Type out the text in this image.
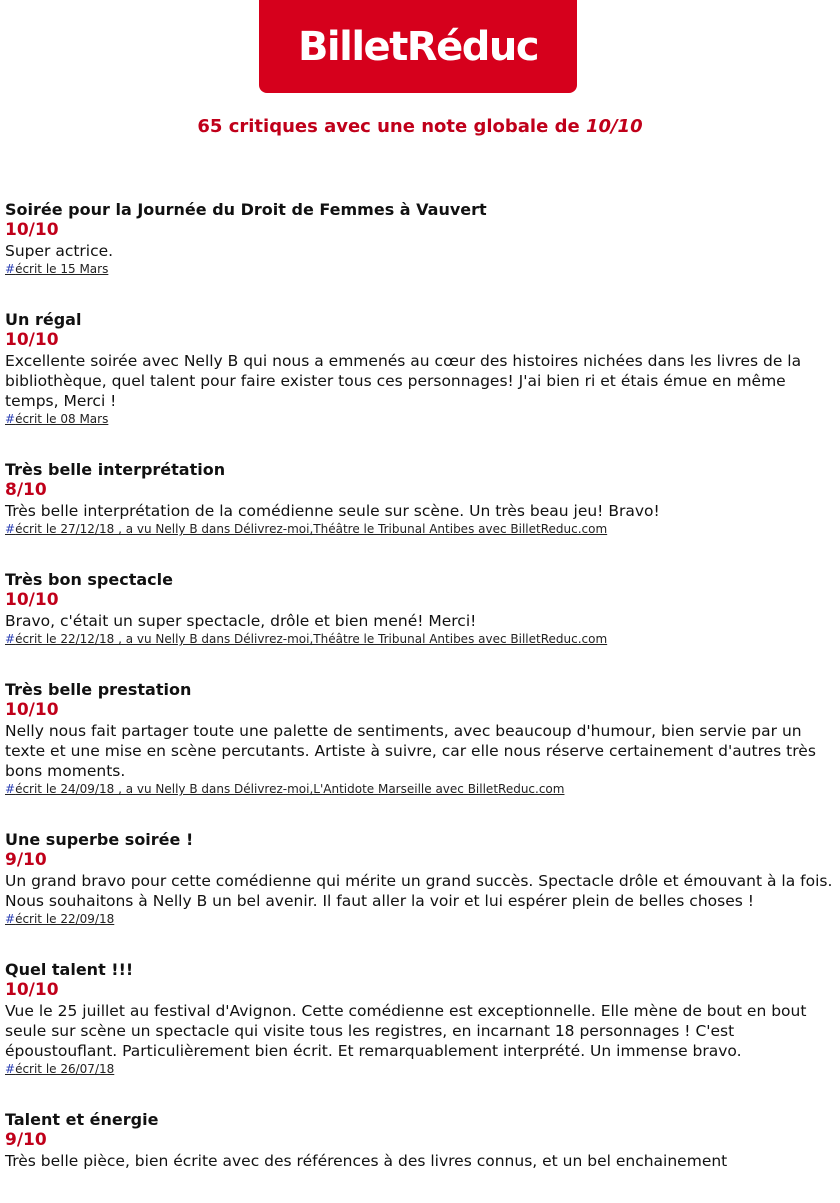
BilletRéduc
65 critiques avec une note globale de 10/10
Soirée pour la Journée du Droit de Femmes à Vauvert
10/10
Super actrice.
#écrit le 15 Mars
Un régal
10/10
Excellente soirée avec Nelly B qui nous a emmenés au cœur des histoires nichées dans les livres de la bibliothèque, quel talent pour faire exister tous ces personnages! J'ai bien ri et étais émue en même temps, Merci !
#écrit le 08 Mars
Très belle interprétation
8/10
Très belle interprétation de la comédienne seule sur scène. Un très beau jeu! Bravo!
#écrit le 27/12/18 , a vu Nelly B dans Délivrez-moi,Théâtre le Tribunal Antibes avec BilletReduc.com
Très bon spectacle
10/10
Bravo, c'était un super spectacle, drôle et bien mené! Merci!
#écrit le 22/12/18 , a vu Nelly B dans Délivrez-moi,Théâtre le Tribunal Antibes avec BilletReduc.com
Très belle prestation
10/10
Nelly nous fait partager toute une palette de sentiments, avec beaucoup d'humour, bien servie par un texte et une mise en scène percutants. Artiste à suivre, car elle nous réserve certainement d'autres très bons moments.
#écrit le 24/09/18 , a vu Nelly B dans Délivrez-moi,L'Antidote Marseille avec BilletReduc.com
Une superbe soirée !
9/10
Un grand bravo pour cette comédienne qui mérite un grand succès. Spectacle drôle et émouvant à la fois. Nous souhaitons à Nelly B un bel avenir. Il faut aller la voir et lui espérer plein de belles choses !
#écrit le 22/09/18
Quel talent !!!
10/10
Vue le 25 juillet au festival d'Avignon. Cette comédienne est exceptionnelle. Elle mène de bout en bout seule sur scène un spectacle qui visite tous les registres, en incarnant 18 personnages ! C'est époustouflant. Particulièrement bien écrit. Et remarquablement interprété. Un immense bravo.
#écrit le 26/07/18
Talent et énergie
9/10
Très belle pièce, bien écrite avec des références à des livres connus, et un bel enchainement
